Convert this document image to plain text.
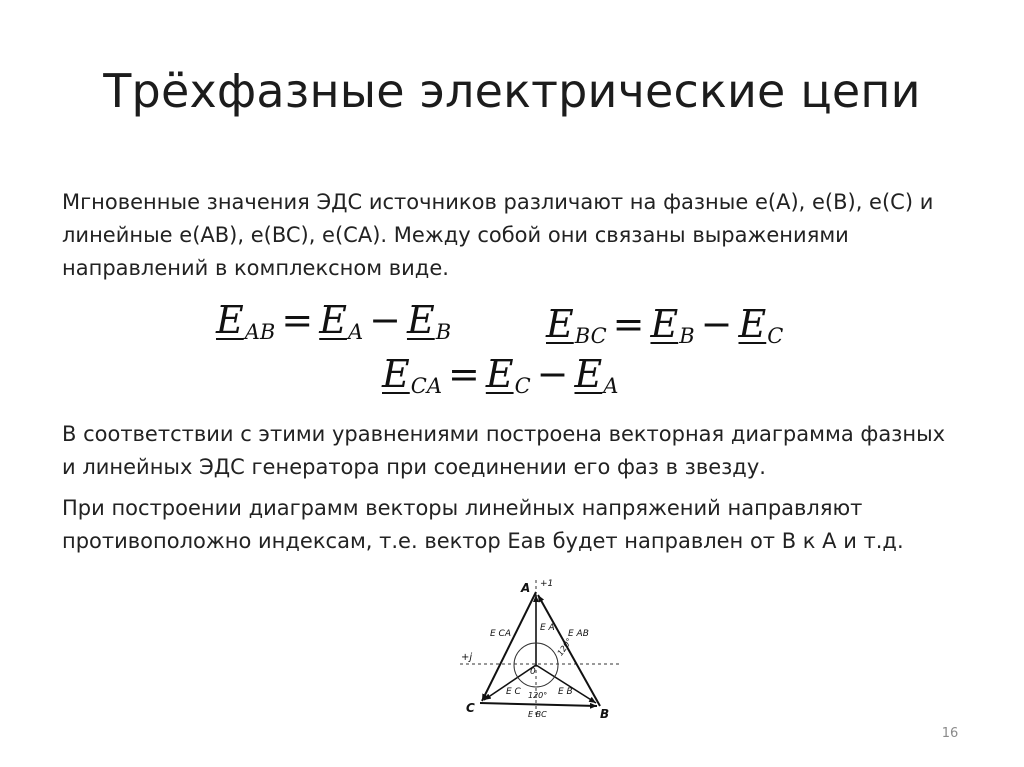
Трёхфазные электрические цепи
Мгновенные значения ЭДС источников различают на фазные e(A), e(B), e(C) и линейные e(AB), e(BC), e(CA). Между собой они связаны выражениями направлений в комплексном виде.
$E_{AB} = E_A - E_B$ $E_{BC} = E_B - E_C$
$E_{CA} = E_C - E_A$
В соответствии с этими уравнениями построена векторная диаграмма фазных и линейных ЭДС генератора при соединении его фаз в звезду.
При построении диаграмм векторы линейных напряжений направляют противоположно индексам, т.е. вектор Еав будет направлен от В к А и т.д.
A
B
C
0
+1
+j
E CA	E AB
E BC
E A
E B
E C
120°
120°
16
